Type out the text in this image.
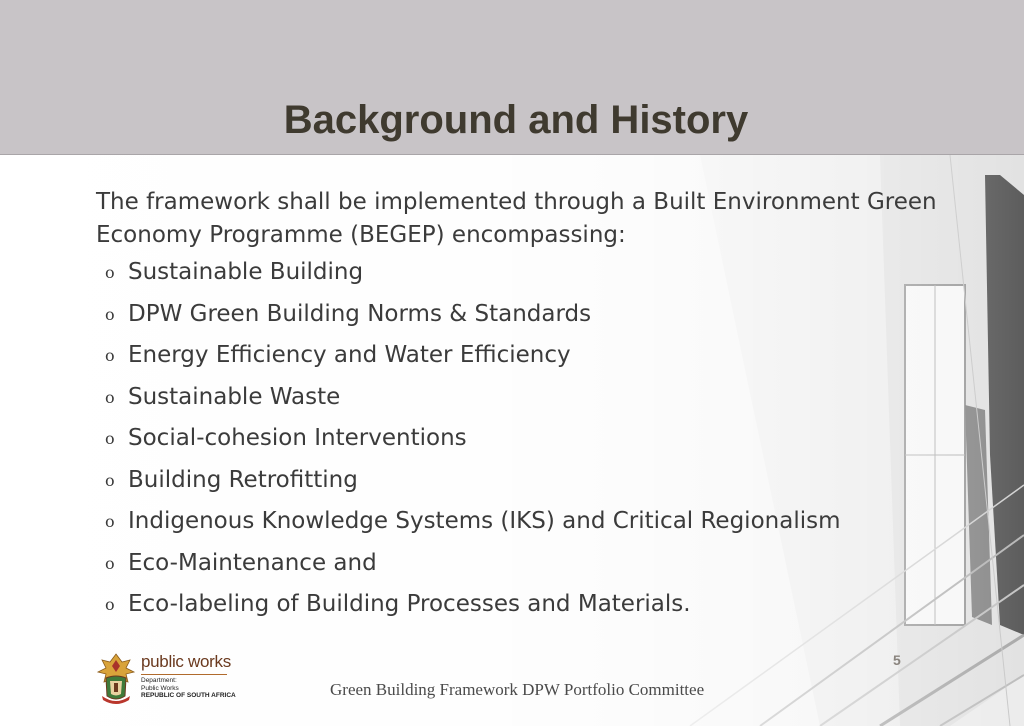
Background and History

The framework shall be implemented through a Built Environment Green
Economy Programme (BEGEP) encompassing:

o Sustainable Building
o DPW Green Building Norms & Standards
o Energy Efficiency and Water Efficiency
o Sustainable Waste
o Social-cohesion Interventions
o Building Retrofitting
o Indigenous Knowledge Systems (IKS) and Critical Regionalism
o Eco-Maintenance and
o Eco-labeling of Building Processes and Materials.
public works
Department:
Public Works
REPUBLIC OF SOUTH AFRICA
5
Green Building Framework DPW Portfolio Committee
